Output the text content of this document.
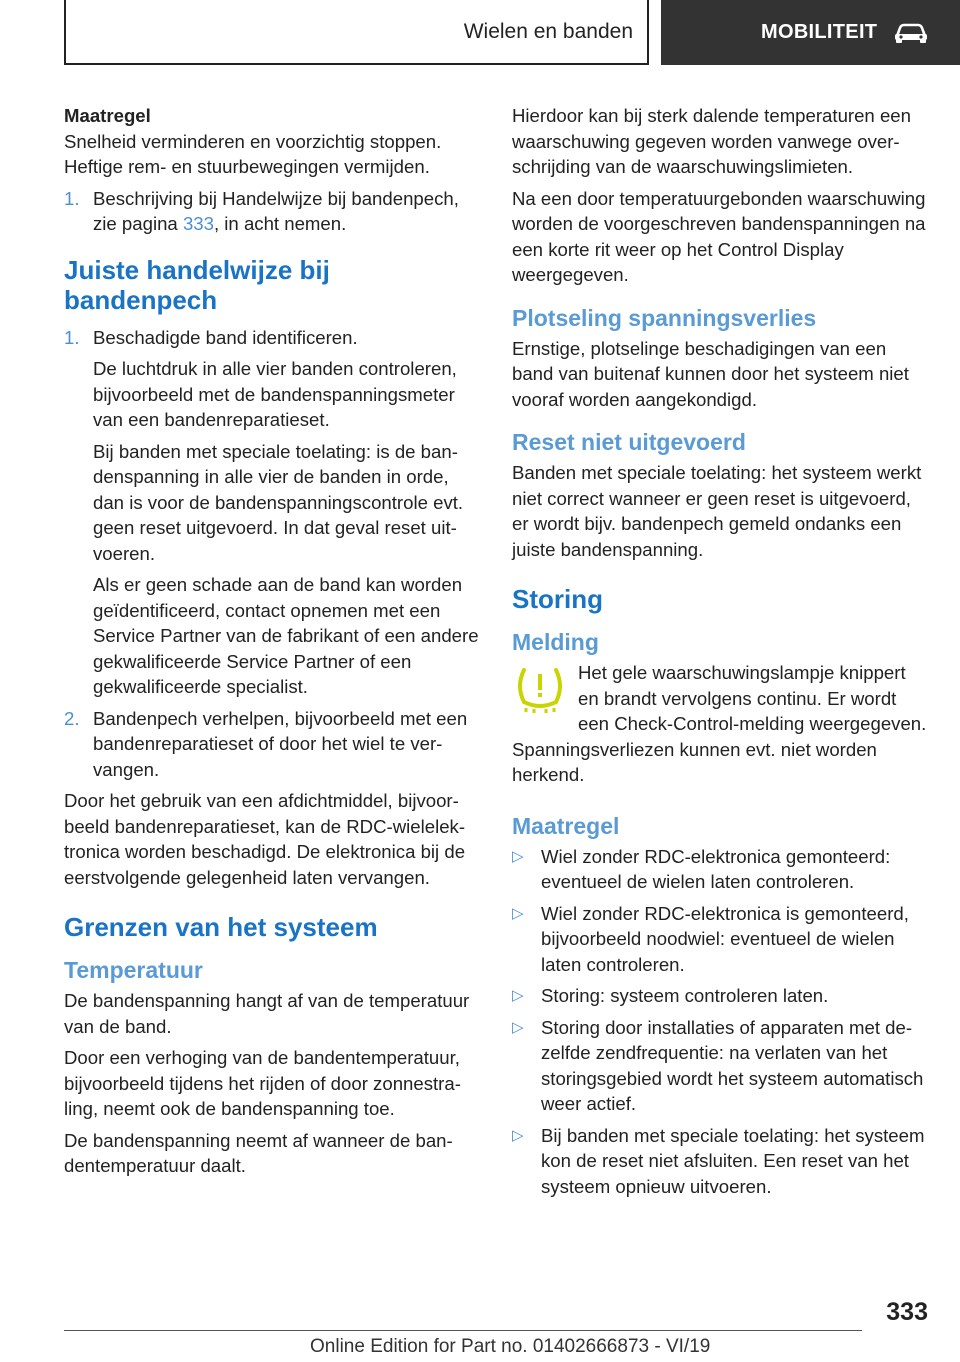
Wielen en banden	MOBILITEIT

Maatregel

Snelheid verminderen en voorzichtig stoppen. Heftige rem- en stuurbewegingen vermijden.

1. Beschrijving bij Handelwijze bij bandenpech, zie pagina 333, in acht nemen.
Juiste handelwijze bij bandenpech
1. Beschadigde band identificeren.
De luchtdruk in alle vier banden controleren, bijvoorbeeld met de bandenspanningsmeter van een bandenreparatieset.
Bij banden met speciale toelating: is de bandenspanning in alle vier de banden in orde, dan is voor de bandenspanningscontrole evt. geen reset uitgevoerd. In dat geval reset uitvoeren.
Als er geen schade aan de band kan worden geïdentificeerd, contact opnemen met een Service Partner van de fabrikant of een andere gekwalificeerde Service Partner of een gekwalificeerde specialist.
2. Bandenpech verhelpen, bijvoorbeeld met een bandenreparatieset of door het wiel te vervangen.

Door het gebruik van een afdichtmiddel, bijvoorbeeld bandenreparatieset, kan de RDC-wielelektronica worden beschadigd. De elektronica bij de eerstvolgende gelegenheid laten vervangen.

Grenzen van het systeem
Temperatuur

De bandenspanning hangt af van de temperatuur van de band.

Door een verhoging van de bandentemperatuur, bijvoorbeeld tijdens het rijden of door zonnestraling, neemt ook de bandenspanning toe.

De bandenspanning neemt af wanneer de bandentemperatuur daalt.

Hierdoor kan bij sterk dalende temperaturen een waarschuwing gegeven worden vanwege overschrijding van de waarschuwingslimieten.

Na een door temperatuurgebonden waarschuwing worden de voorgeschreven bandenspanningen na een korte rit weer op het Control Display weergegeven.

Plotseling spanningsverlies

Ernstige, plotselinge beschadigingen van een band van buitenaf kunnen door het systeem niet vooraf worden aangekondigd.

Reset niet uitgevoerd

Banden met speciale toelating: het systeem werkt niet correct wanneer er geen reset is uitgevoerd, er wordt bijv. bandenpech gemeld ondanks een juiste bandenspanning.

Storing
Melding

Het gele waarschuwingslampje knippert en brandt vervolgens continu. Er wordt een Check-Control-melding weergegeven. Spanningsverliezen kunnen evt. niet worden herkend.

Maatregel
▷ Wiel zonder RDC-elektronica gemonteerd: eventueel de wielen laten controleren.
▷ Wiel zonder RDC-elektronica is gemonteerd, bijvoorbeeld noodwiel: eventueel de wielen laten controleren.
▷ Storing: systeem controleren laten.
▷ Storing door installaties of apparaten met dezelfde zendfrequentie: na verlaten van het storingsgebied wordt het systeem automatisch weer actief.
▷ Bij banden met speciale toelating: het systeem kon de reset niet afsluiten. Een reset van het systeem opnieuw uitvoeren.
333
Online Edition for Part no. 01402666873 - VI/19
